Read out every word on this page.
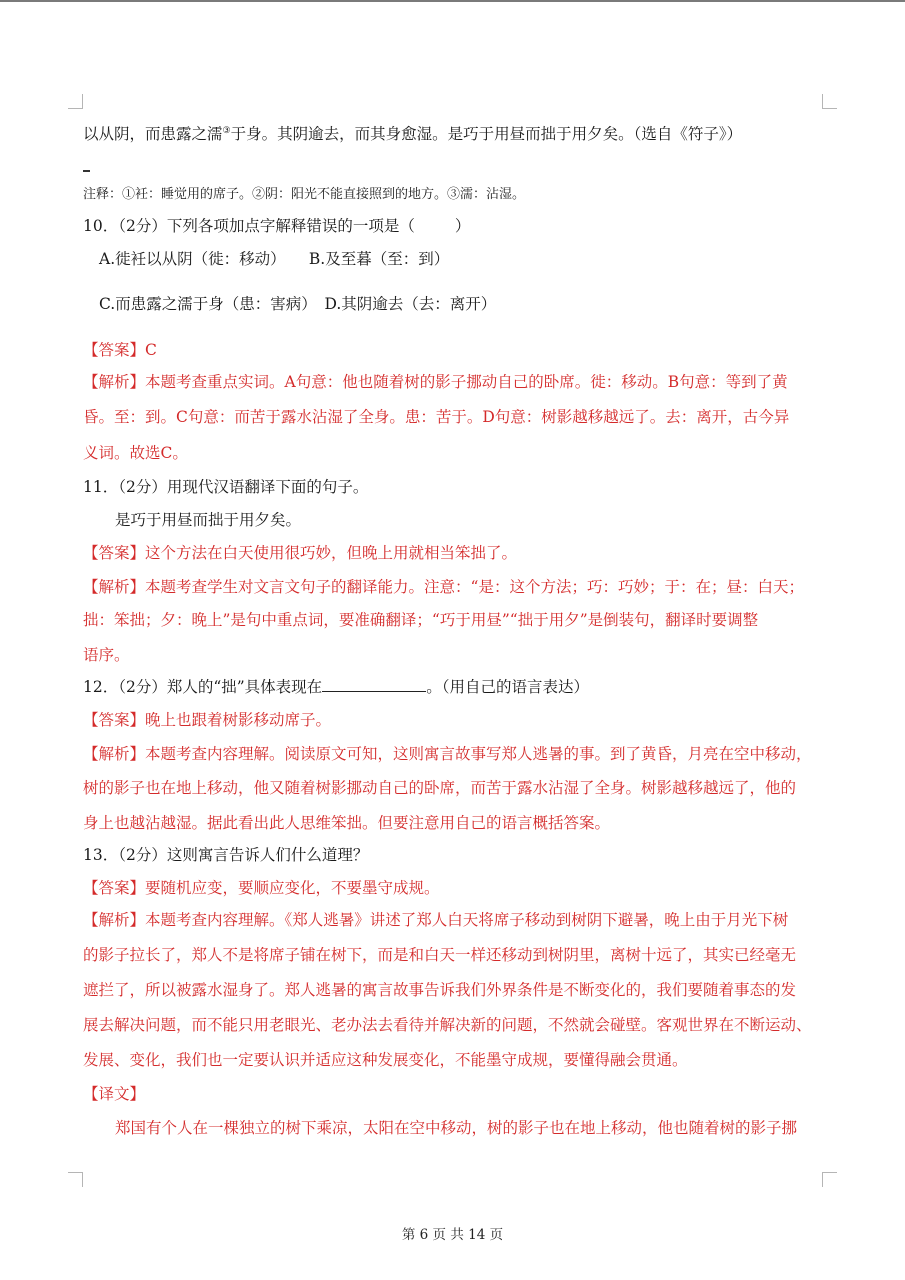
以从阴，而患露之濡③于身。其阴逾去，而其身愈湿。是巧于用昼而拙于用夕矣。（选自《符子》）
注释：①衽：睡觉用的席子。②阴：阳光不能直接照到的地方。③濡：沾湿。
10．（2分）下列各项加点字解释错误的一项是（	）
A.徙衽以从阴（徙：移动）　　B.及至暮（至：到）
C.而患露之濡于身（患：害病）　D.其阴逾去（去：离开）
【答案】C
【解析】本题考查重点实词。A句意：他也随着树的影子挪动自己的卧席。徙：移动。B句意：等到了黄
昏。至：到。C句意：而苦于露水沾湿了全身。患：苦于。D句意：树影越移越远了。去：离开，古今异
义词。故选C。
11．（2分）用现代汉语翻译下面的句子。
是巧于用昼而拙于用夕矣。
【答案】这个方法在白天使用很巧妙，但晚上用就相当笨拙了。
【解析】本题考查学生对文言文句子的翻译能力。注意：“是：这个方法；巧：巧妙；于：在；昼：白天；
拙：笨拙；夕：晚上”是句中重点词，要准确翻译；“巧于用昼”“拙于用夕”是倒装句，翻译时要调整
语序。
12．（2分）郑人的“拙”具体表现在	。（用自己的语言表达）
【答案】晚上也跟着树影移动席子。
【解析】本题考查内容理解。阅读原文可知，这则寓言故事写郑人逃暑的事。到了黄昏，月亮在空中移动，
树的影子也在地上移动，他又随着树影挪动自己的卧席，而苦于露水沾湿了全身。树影越移越远了，他的
身上也越沾越湿。据此看出此人思维笨拙。但要注意用自己的语言概括答案。
13．（2分）这则寓言告诉人们什么道理？
【答案】要随机应变，要顺应变化，不要墨守成规。
【解析】本题考查内容理解。《郑人逃暑》讲述了郑人白天将席子移动到树阴下避暑，晚上由于月光下树
的影子拉长了，郑人不是将席子铺在树下，而是和白天一样还移动到树阴里，离树十远了，其实已经毫无
遮拦了，所以被露水湿身了。郑人逃暑的寓言故事告诉我们外界条件是不断变化的，我们要随着事态的发
展去解决问题，而不能只用老眼光、老办法去看待并解决新的问题，不然就会碰壁。客观世界在不断运动、
发展、变化，我们也一定要认识并适应这种发展变化，不能墨守成规，要懂得融会贯通。
【译文】
郑国有个人在一棵独立的树下乘凉，太阳在空中移动，树的影子也在地上移动，他也随着树的影子挪
第 6 页 共 14 页
